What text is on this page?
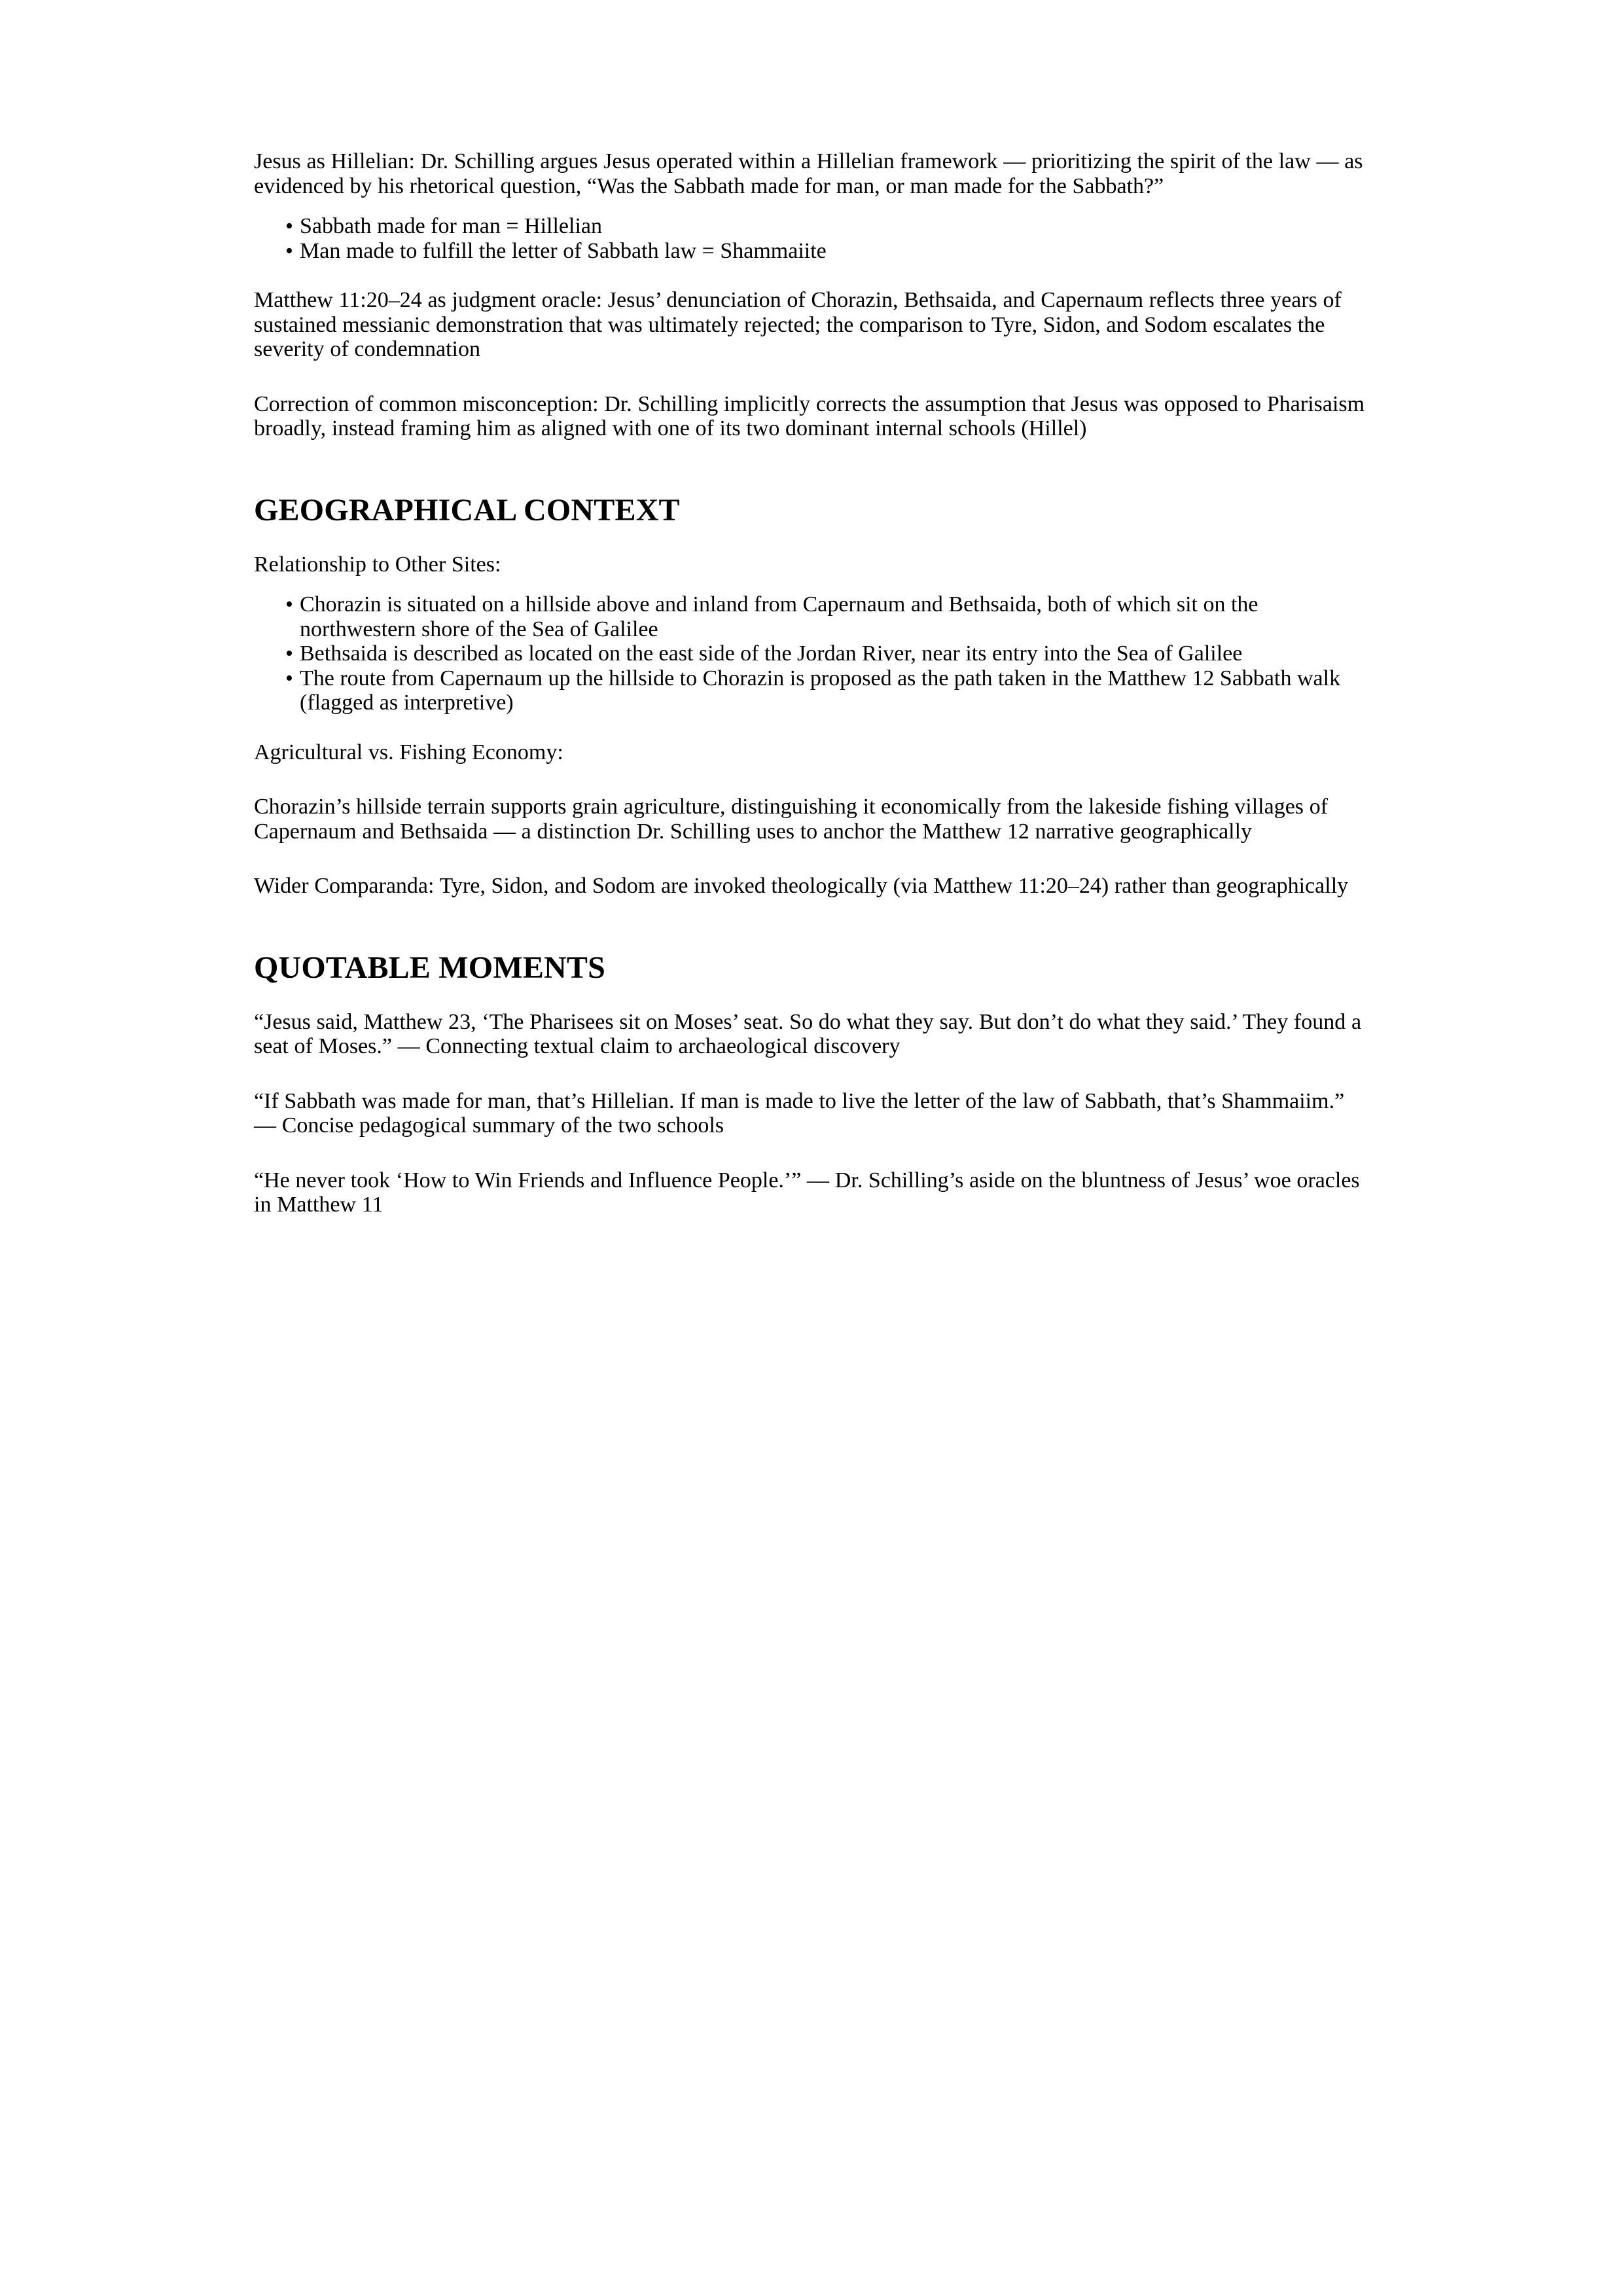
Jesus as Hillelian: Dr. Schilling argues Jesus operated within a Hillelian framework — prioritizing the spirit of the law — as evidenced by his rhetorical question, “Was the Sabbath made for man, or man made for the Sabbath?”

• Sabbath made for man = Hillelian
• Man made to fulfill the letter of Sabbath law = Shammaiite

Matthew 11:20–24 as judgment oracle: Jesus’ denunciation of Chorazin, Bethsaida, and Capernaum reflects three years of sustained messianic demonstration that was ultimately rejected; the comparison to Tyre, Sidon, and Sodom escalates the severity of condemnation

Correction of common misconception: Dr. Schilling implicitly corrects the assumption that Jesus was opposed to Pharisaism broadly, instead framing him as aligned with one of its two dominant internal schools (Hillel)

GEOGRAPHICAL CONTEXT

Relationship to Other Sites:

• Chorazin is situated on a hillside above and inland from Capernaum and Bethsaida, both of which sit on the northwestern shore of the Sea of Galilee
• Bethsaida is described as located on the east side of the Jordan River, near its entry into the Sea of Galilee
• The route from Capernaum up the hillside to Chorazin is proposed as the path taken in the Matthew 12 Sabbath walk (flagged as interpretive)

Agricultural vs. Fishing Economy:

Chorazin’s hillside terrain supports grain agriculture, distinguishing it economically from the lakeside fishing villages of Capernaum and Bethsaida — a distinction Dr. Schilling uses to anchor the Matthew 12 narrative geographically

Wider Comparanda: Tyre, Sidon, and Sodom are invoked theologically (via Matthew 11:20–24) rather than geographically

QUOTABLE MOMENTS

“Jesus said, Matthew 23, ‘The Pharisees sit on Moses’ seat. So do what they say. But don’t do what they said.’ They found a seat of Moses.” — Connecting textual claim to archaeological discovery

“If Sabbath was made for man, that’s Hillelian. If man is made to live the letter of the law of Sabbath, that’s Shammaiim.” — Concise pedagogical summary of the two schools

“He never took ‘How to Win Friends and Influence People.’” — Dr. Schilling’s aside on the bluntness of Jesus’ woe oracles in Matthew 11
